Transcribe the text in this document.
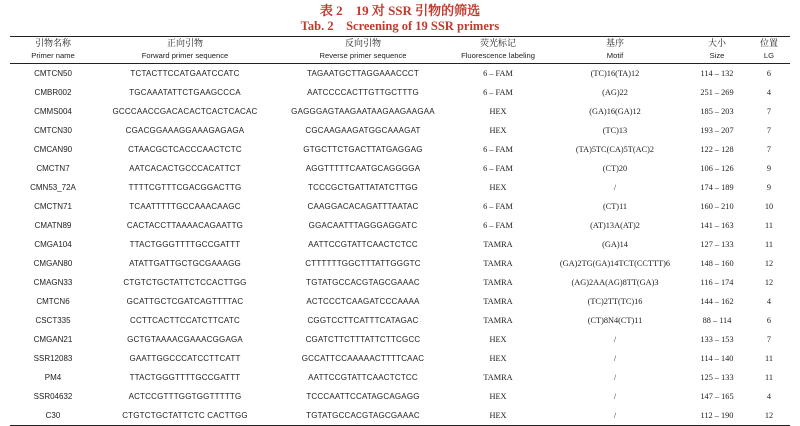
表 2　19 对 SSR 引物的筛选
Tab. 2　Screening of 19 SSR primers
引物名称	正向引物	反向引物	荧光标记	基序	大小	位置
Primer name	Forward primer sequence	Reverse primer sequence	Fluorescence labeling	Motif	Size	LG
CMTCN50	TCTACTTCCATGAATCCATC	TAGAATGCTTAGGAAACCCT	6 – FAM	(TC)16(TA)12	114 – 132	6
CMBR002	TGCAAATATTCTGAAGCCCA	AATCCCCACTTGTTGCTTTG	6 – FAM	(AG)22	251 – 269	4
CMMS004	GCCCAACCGACACACTCACTCACAC	GAGGGAGTAAGAATAAGAAGAAGAA	HEX	(GA)16(GA)12	185 – 203	7
CMTCN30	CGACGGAAAGGAAAGAGAGA	CGCAAGAAGATGGCAAAGAT	HEX	(TC)13	193 – 207	7
CMCAN90	CTAACGCTCACCCAACTCTC	GTGCTTCTGACTTATGAGGAG	6 – FAM	(TA)5TC(CA)5T(AC)2	122 – 128	7
CMCTN7	AATCACACTGCCCACATTCT	AGGTTTTTCAATGCAGGGGA	6 – FAM	(CT)20	106 – 126	9
CMN53_72A	TTTTCGTTTCGACGGACTTG	TCCCGCTGATTATATCTTGG	HEX	/	174 – 189	9
CMCTN71	TCAATTTTTGCCAAACAAGC	CAAGGACACAGATTTAATAC	6 – FAM	(CT)11	160 – 210	10
CMATN89	CACTACCTTAAAACAGAATTG	GGACAATTTAGGGAGGATC	6 – FAM	(AT)13A(AT)2	141 – 163	11
CMGA104	TTACTGGGTTTTGCCGATTT	AATTCCGTATTCAACTCTCC	TAMRA	(GA)14	127 – 133	11
CMGAN80	ATATTGATTGCTGCGAAAGG	CTTTTTTGGCTTTATTGGGTC	TAMRA	(GA)2TG(GA)14TCT(CCTTT)6	148 – 160	12
CMAGN33	CTGTCTGCTATTCTCCACTTGG	TGTATGCCACGTAGCGAAAC	TAMRA	(AG)2AA(AG)8TT(GA)3	116 – 174	12
CMTCN6	GCATTGCTCGATCAGTTTTAC	ACTCCCTCAAGATCCCAAAA	TAMRA	(TC)2TT(TC)16	144 – 162	4
CSCT335	CCTTCACTTCCATCTTCATC	CGGTCCTTCATTTCATAGAC	TAMRA	(CT)8N4(CT)11	88 – 114	6
CMGAN21	GCTGTAAAACGAAACGGAGA	CGATCTTCTTTATTCTTCGCC	HEX	/	133 – 153	7
SSR12083	GAATTGGCCCATCCTTCATT	GCCATTCCAAAAACTTTTCAAC	HEX	/	114 – 140	11
PM4	TTACTGGGTTTTGCCGATTT	AATTCCGTATTCAACTCTCC	TAMRA	/	125 – 133	11
SSR04632	ACTCCGTTTGGTGGTTTTTG	TCCCAATTCCATAGCAGAGG	HEX	/	147 – 165	4
C30	CTGTCTGCTATTCTC CACTTGG	TGTATGCCACGTAGCGAAAC	HEX	/	112 – 190	12
